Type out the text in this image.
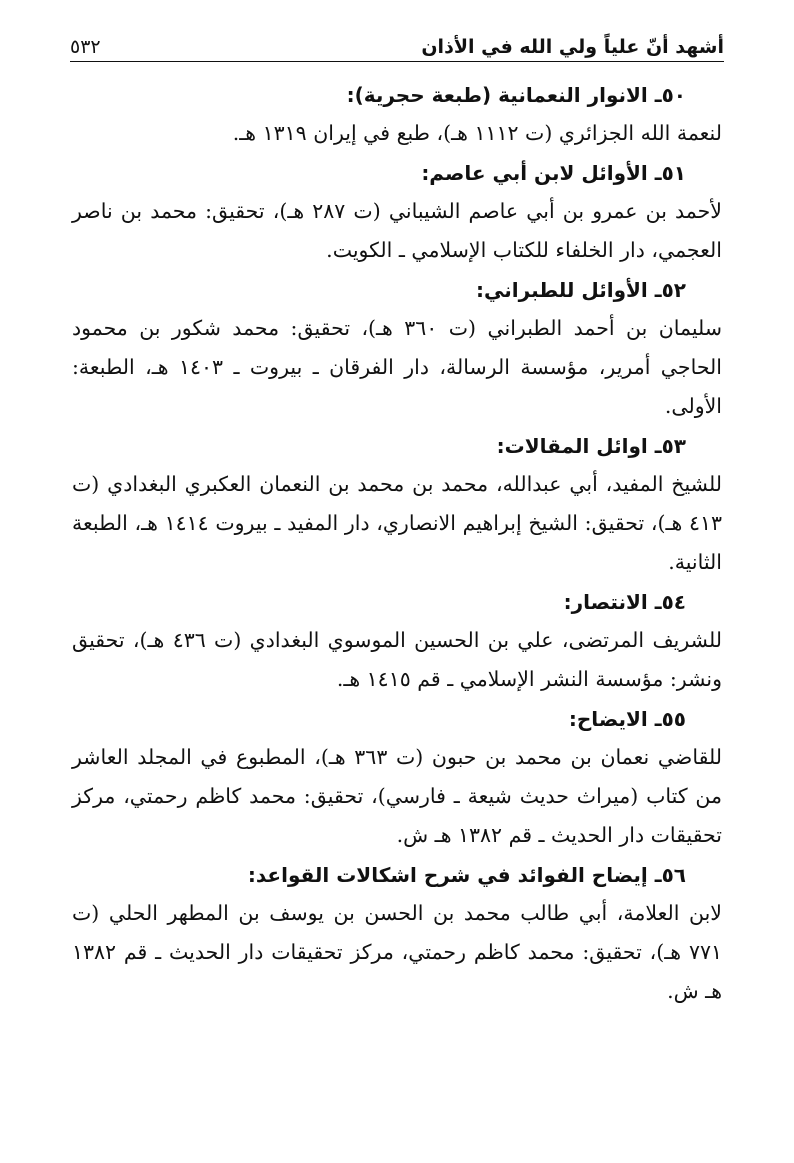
أشهد أنّ علياً ولي الله في الأذان
٥٣٢

٥٠ـ الانوار النعمانية (طبعة حجرية):

لنعمة الله الجزائري (ت ١١١٢ هـ)، طبع في إيران ١٣١٩ هـ.

٥١ـ الأوائل لابن أبي عاصم:

لأحمد بن عمرو بن أبي عاصم الشيباني (ت ٢٨٧ هـ)، تحقيق: محمد بن ناصر العجمي، دار الخلفاء للكتاب الإسلامي ـ الكويت.

٥٢ـ الأوائل للطبراني:

سليمان بن أحمد الطبراني (ت ٣٦٠ هـ)، تحقيق: محمد شكور بن محمود الحاجي أمرير، مؤسسة الرسالة، دار الفرقان ـ بيروت ـ ١٤٠٣ هـ، الطبعة: الأولى.

٥٣ـ اوائل المقالات:

للشيخ المفيد، أبي عبدالله، محمد بن محمد بن النعمان العكبري البغدادي (ت ٤١٣ هـ)، تحقيق: الشيخ إبراهيم الانصاري، دار المفيد ـ بيروت ١٤١٤ هـ، الطبعة الثانية.

٥٤ـ الانتصار:

للشريف المرتضى، علي بن الحسين الموسوي البغدادي (ت ٤٣٦ هـ)، تحقيق ونشر: مؤسسة النشر الإسلامي ـ قم ١٤١٥ هـ.

٥٥ـ الايضاح:

للقاضي نعمان بن محمد بن حبون (ت ٣٦٣ هـ)، المطبوع في المجلد العاشر من كتاب (ميراث حديث شيعة ـ فارسي)، تحقيق: محمد كاظم رحمتي، مركز تحقيقات دار الحديث ـ قم ١٣٨٢ هـ ش.

٥٦ـ إيضاح الفوائد في شرح اشكالات القواعد:

لابن العلامة، أبي طالب محمد بن الحسن بن يوسف بن المطهر الحلي (ت ٧٧١ هـ)، تحقيق: محمد كاظم رحمتي، مركز تحقيقات دار الحديث ـ قم ١٣٨٢ هـ ش.
